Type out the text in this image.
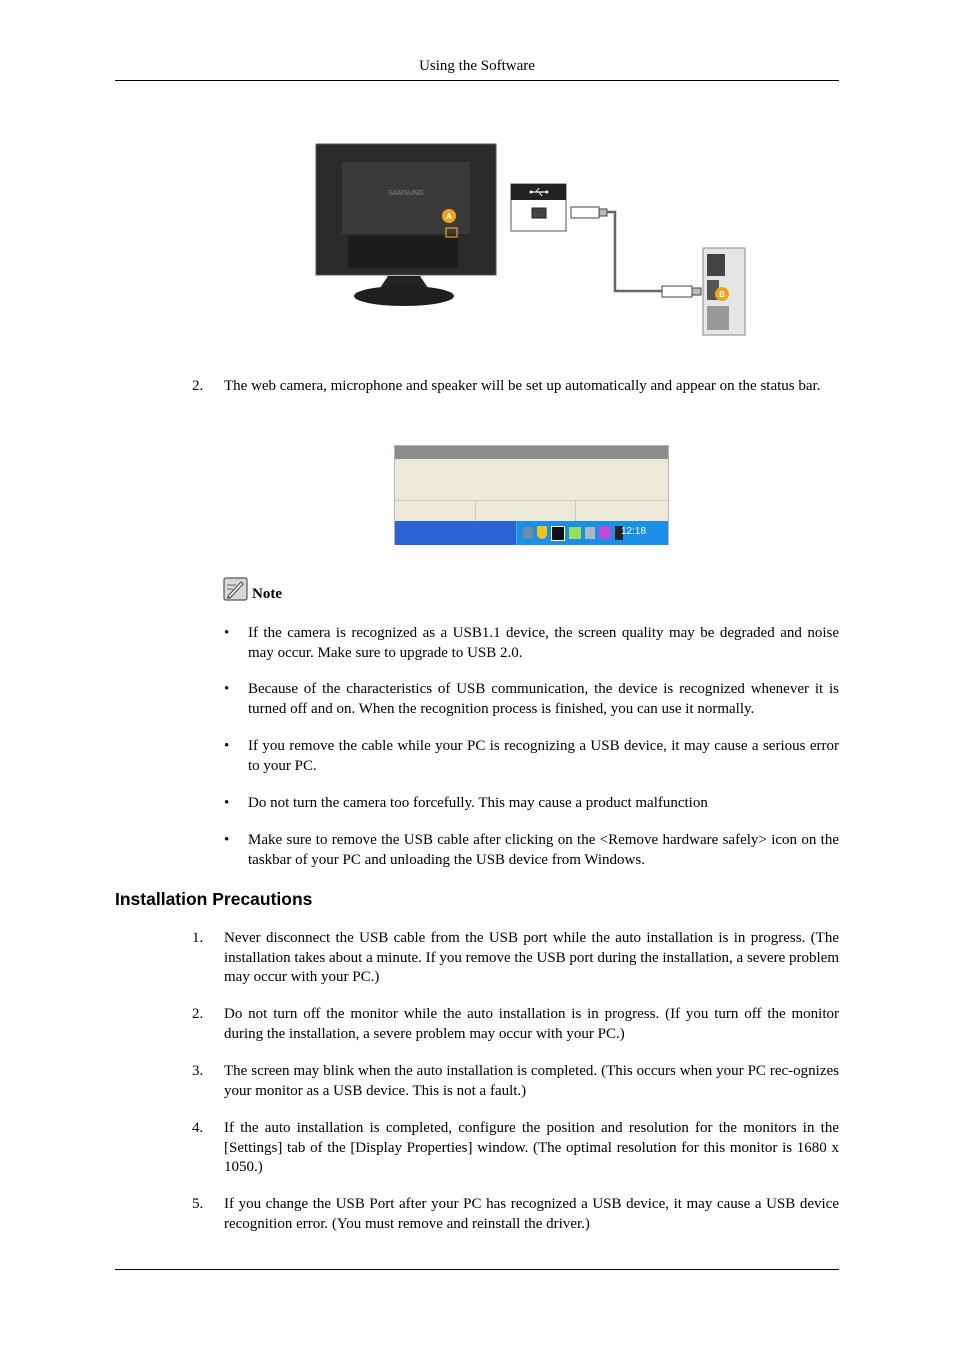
Using the Software
SAMSUNG
A
B
2. The web camera, microphone and speaker will be set up automatically and appear on the status bar.
12:18
Note
• If the camera is recognized as a USB1.1 device, the screen quality may be degraded and noise may occur. Make sure to upgrade to USB 2.0.
• Because of the characteristics of USB communication, the device is recognized whenever it is turned off and on. When the recognition process is finished, you can use it normally.
• If you remove the cable while your PC is recognizing a USB device, it may cause a serious error to your PC.
• Do not turn the camera too forcefully. This may cause a product malfunction
• Make sure to remove the USB cable after clicking on the <Remove hardware safely> icon on the taskbar of your PC and unloading the USB device from Windows.
Installation Precautions
1. Never disconnect the USB cable from the USB port while the auto installation is in progress. (The installation takes about a minute. If you remove the USB port during the installation, a severe problem may occur with your PC.)
2. Do not turn off the monitor while the auto installation is in progress. (If you turn off the monitor during the installation, a severe problem may occur with your PC.)
3. The screen may blink when the auto installation is completed. (This occurs when your PC rec-ognizes your monitor as a USB device. This is not a fault.)
4. If the auto installation is completed, configure the position and resolution for the monitors in the [Settings] tab of the [Display Properties] window. (The optimal resolution for this monitor is 1680 x 1050.)
5. If you change the USB Port after your PC has recognized a USB device, it may cause a USB device recognition error. (You must remove and reinstall the driver.)
